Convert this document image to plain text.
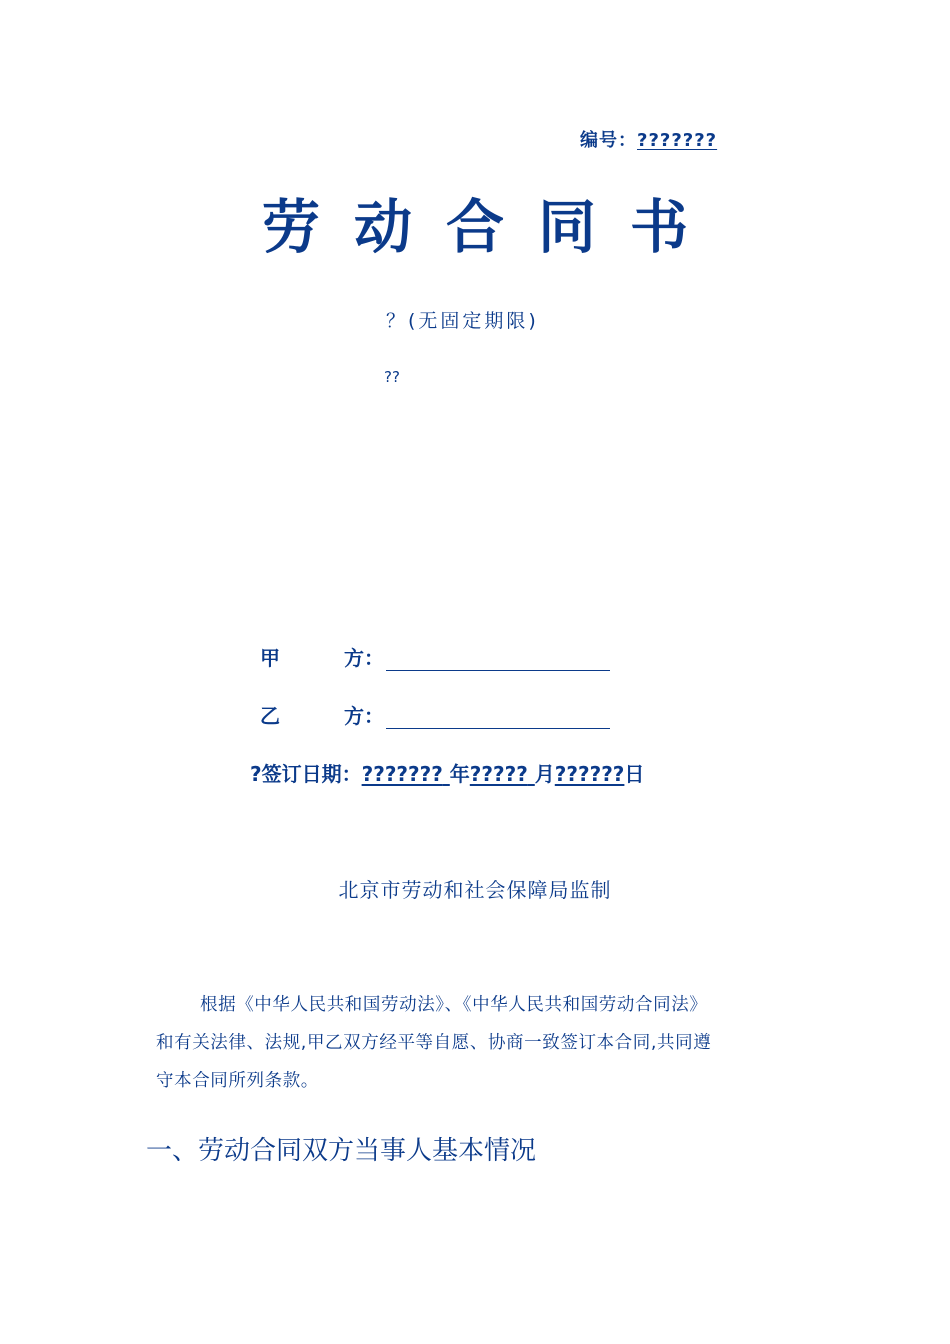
编号：???????
劳动合同书
？(无固定期限)
??
甲	方：
乙	方：
?签订日期：??????? 年????? 月??????日
北京市劳动和社会保障局监制
根据《中华人民共和国劳动法》、《中华人民共和国劳动合同法》
和有关法律、法规,甲乙双方经平等自愿、协商一致签订本合同,共同遵
守本合同所列条款。
一、劳动合同双方当事人基本情况
